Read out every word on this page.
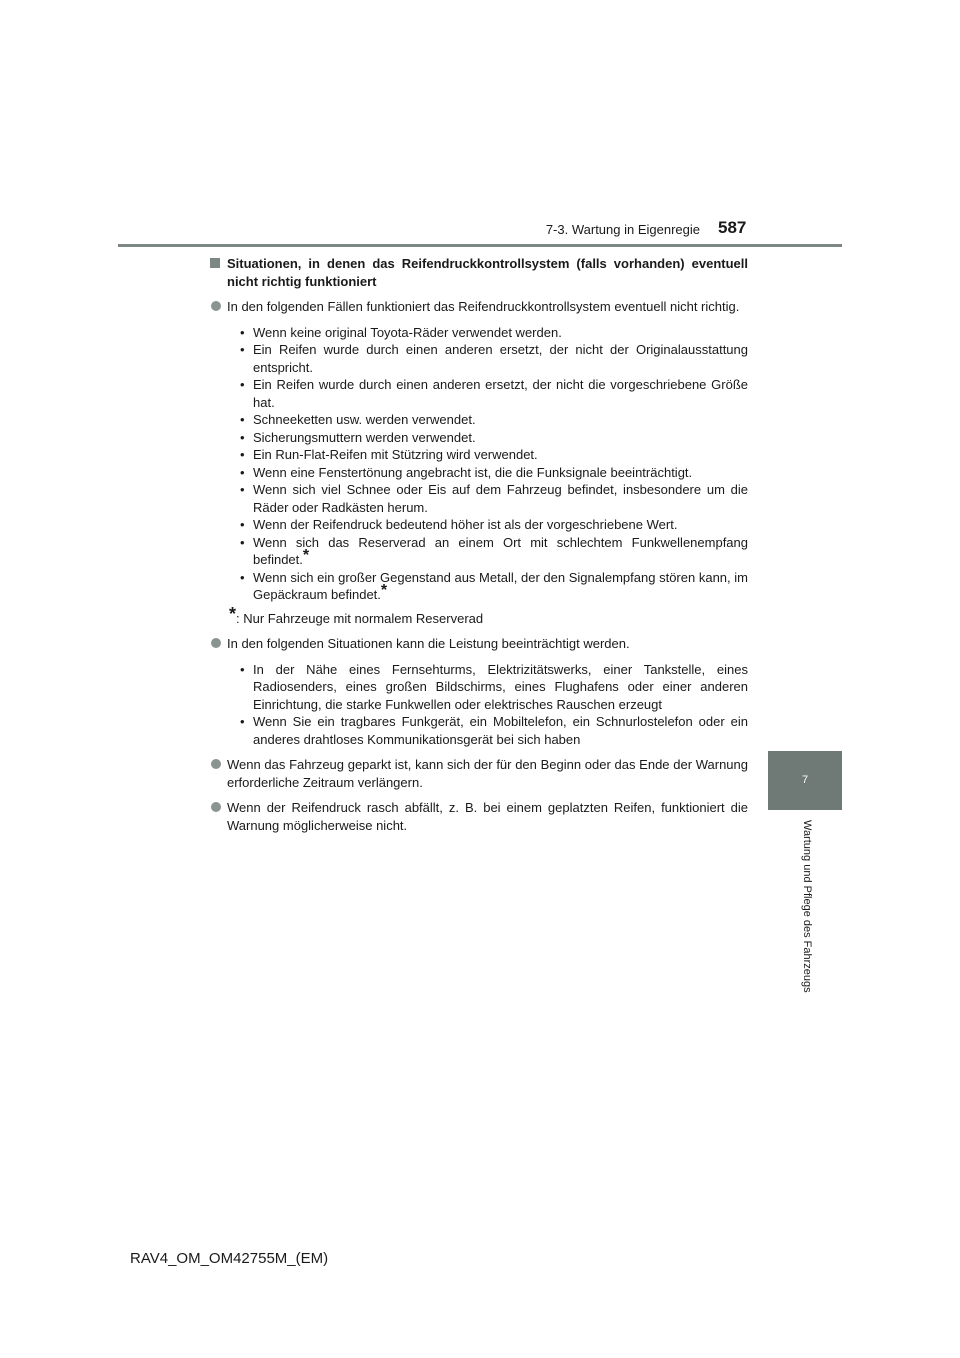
7-3. Wartung in Eigenregie 587
7
Wartung und Pflege des Fahrzeugs
Situationen, in denen das Reifendruckkontrollsystem (falls vorhanden) eventuell nicht richtig funktioniert
In den folgenden Fällen funktioniert das Reifendruckkontrollsystem eventuell nicht richtig.
• Wenn keine original Toyota-Räder verwendet werden.
• Ein Reifen wurde durch einen anderen ersetzt, der nicht der Originalausstattung entspricht.
• Ein Reifen wurde durch einen anderen ersetzt, der nicht die vorgeschriebene Größe hat.
• Schneeketten usw. werden verwendet.
• Sicherungsmuttern werden verwendet.
• Ein Run-Flat-Reifen mit Stützring wird verwendet.
• Wenn eine Fenstertönung angebracht ist, die die Funksignale beeinträchtigt.
• Wenn sich viel Schnee oder Eis auf dem Fahrzeug befindet, insbesondere um die Räder oder Radkästen herum.
• Wenn der Reifendruck bedeutend höher ist als der vorgeschriebene Wert.
• Wenn sich das Reserverad an einem Ort mit schlechtem Funkwellenempfang befindet.*
• Wenn sich ein großer Gegenstand aus Metall, der den Signalempfang stören kann, im Gepäckraum befindet.*
*: Nur Fahrzeuge mit normalem Reserverad
In den folgenden Situationen kann die Leistung beeinträchtigt werden.
• In der Nähe eines Fernsehturms, Elektrizitätswerks, einer Tankstelle, eines Radiosenders, eines großen Bildschirms, eines Flughafens oder einer anderen Einrichtung, die starke Funkwellen oder elektrisches Rauschen erzeugt
• Wenn Sie ein tragbares Funkgerät, ein Mobiltelefon, ein Schnurlostelefon oder ein anderes drahtloses Kommunikationsgerät bei sich haben
Wenn das Fahrzeug geparkt ist, kann sich der für den Beginn oder das Ende der Warnung erforderliche Zeitraum verlängern.
Wenn der Reifendruck rasch abfällt, z. B. bei einem geplatzten Reifen, funktioniert die Warnung möglicherweise nicht.
RAV4_OM_OM42755M_(EM)
